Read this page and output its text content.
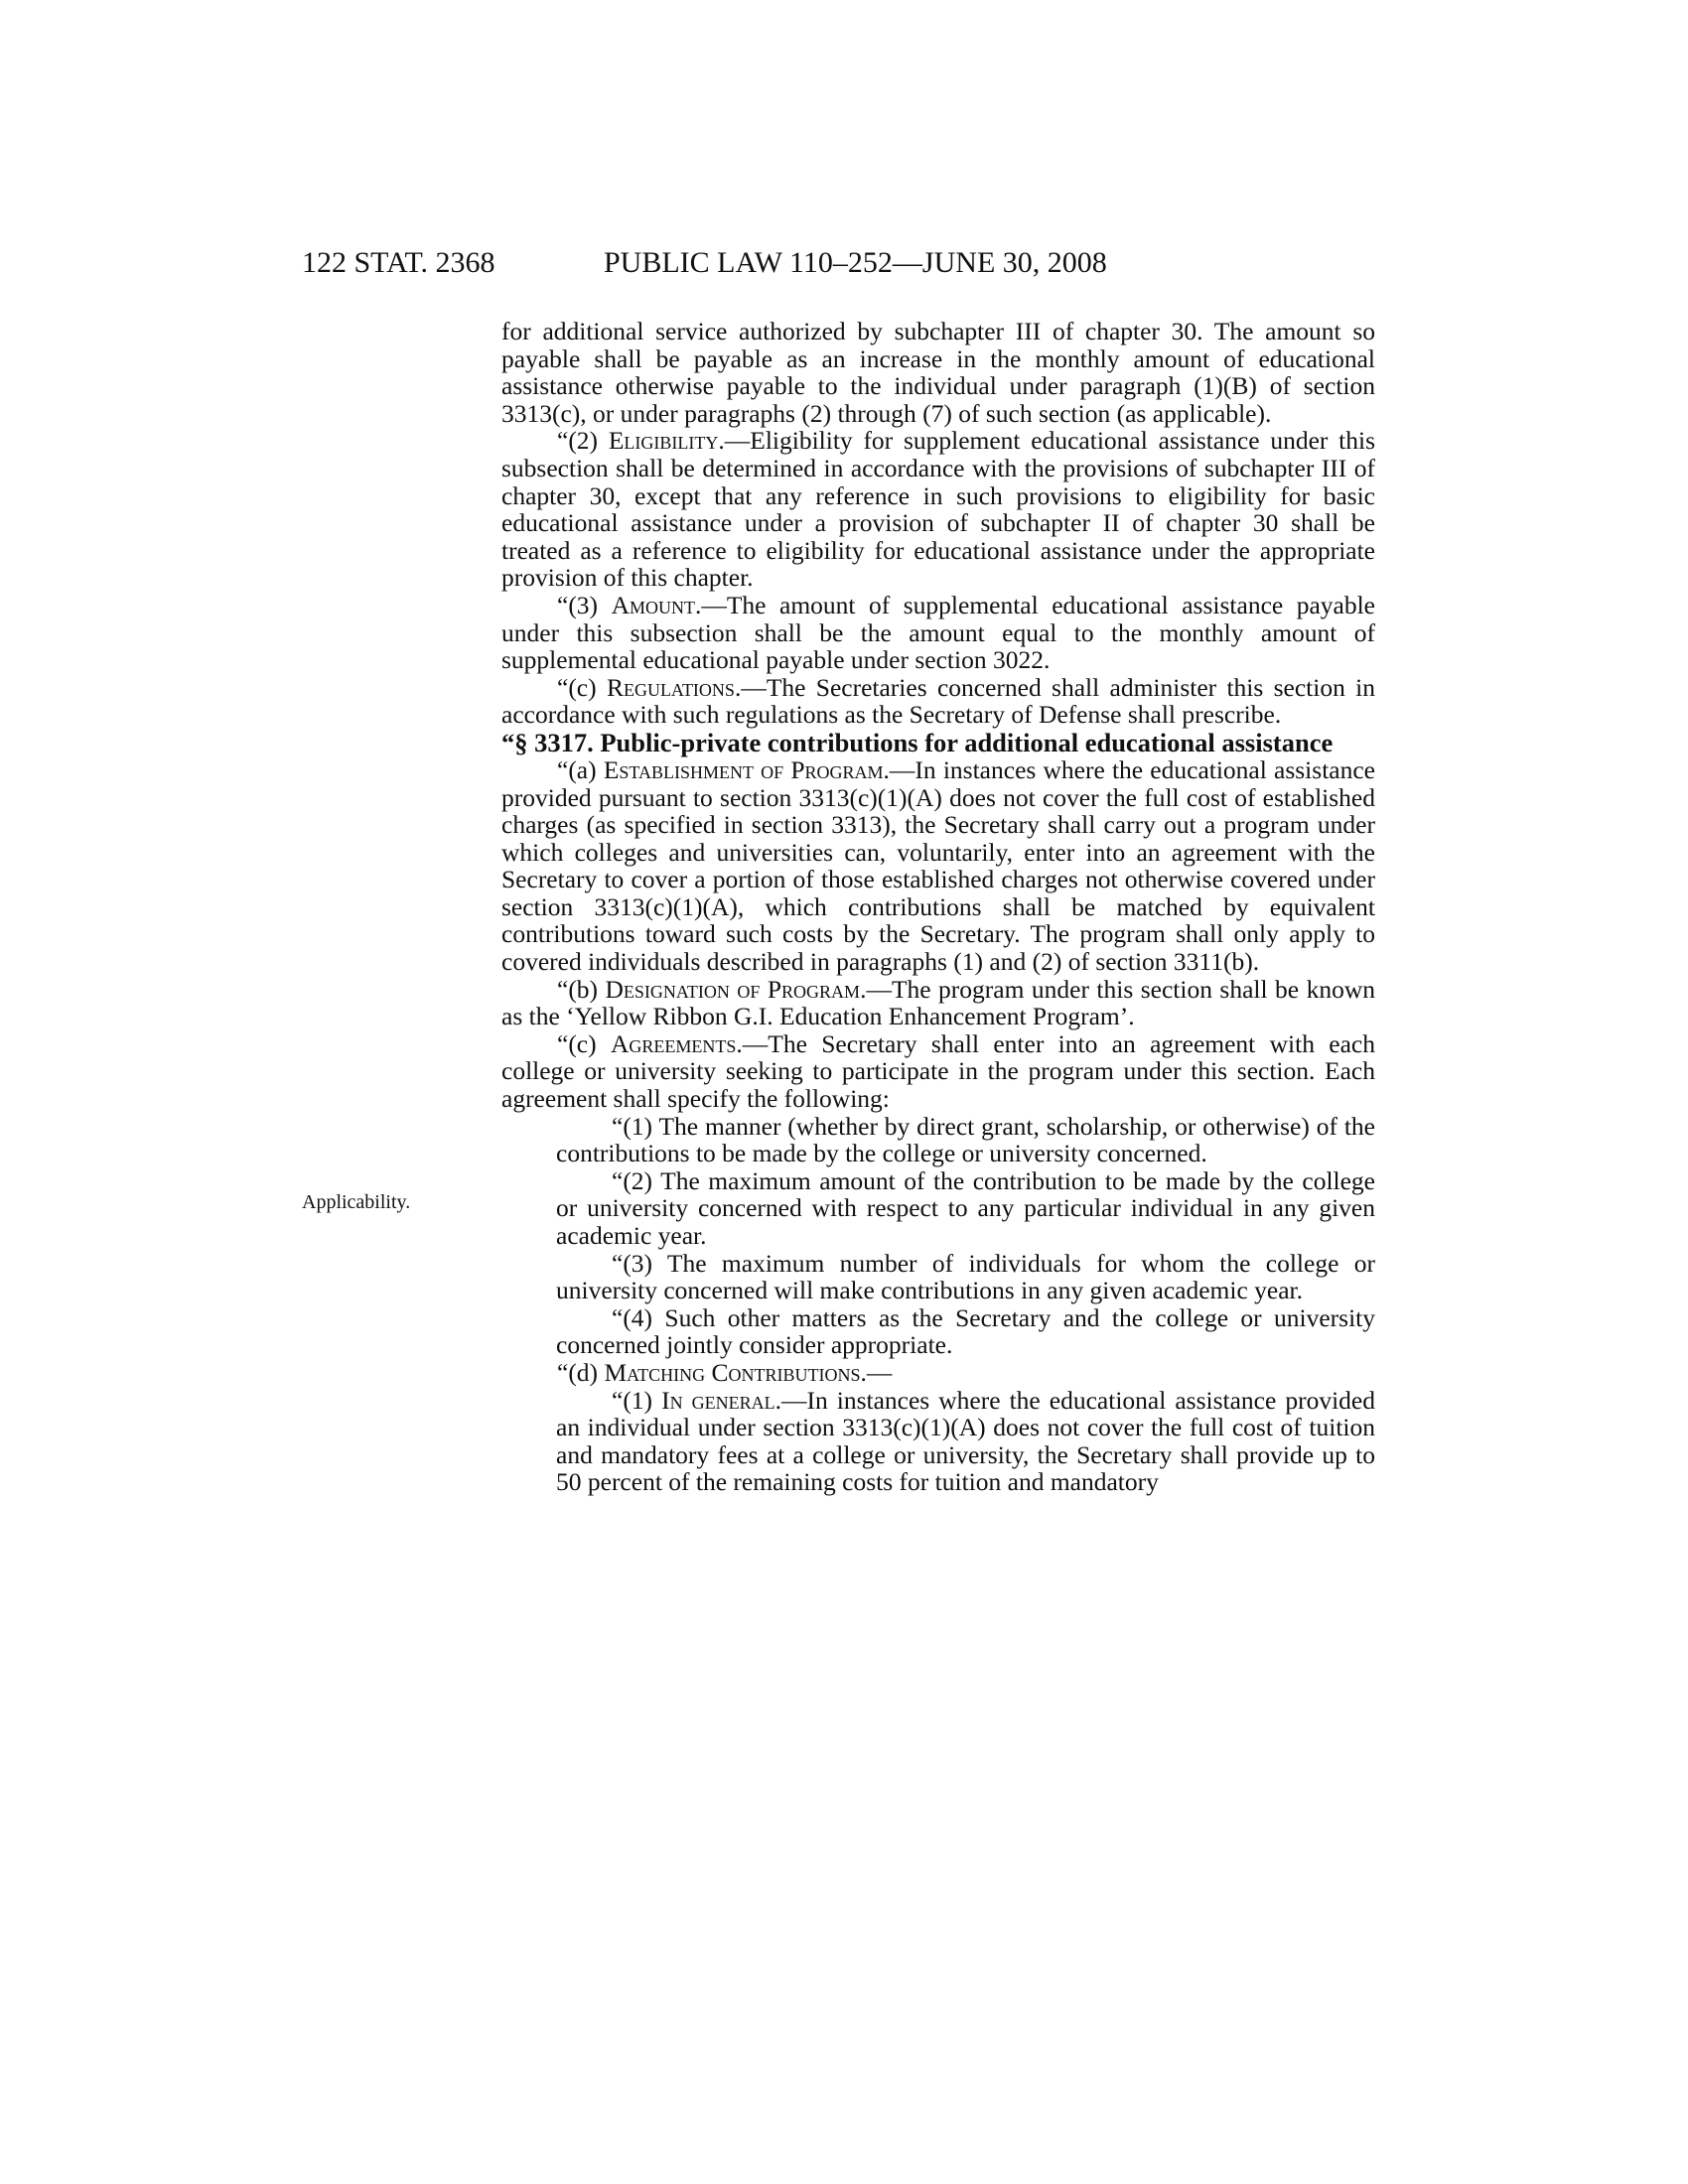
122 STAT. 2368	PUBLIC LAW 110–252—JUNE 30, 2008
Applicability.

for additional service authorized by subchapter III of chapter 30. The amount so payable shall be payable as an increase in the monthly amount of educational assistance otherwise payable to the individual under paragraph (1)(B) of section 3313(c), or under paragraphs (2) through (7) of such section (as applicable).

“(2) Eligibility.—Eligibility for supplement educational assistance under this subsection shall be determined in accordance with the provisions of subchapter III of chapter 30, except that any reference in such provisions to eligibility for basic educational assistance under a provision of subchapter II of chapter 30 shall be treated as a reference to eligibility for educational assistance under the appropriate provision of this chapter.

“(3) Amount.—The amount of supplemental educational assistance payable under this subsection shall be the amount equal to the monthly amount of supplemental educational payable under section 3022.

“(c) Regulations.—The Secretaries concerned shall administer this section in accordance with such regulations as the Secretary of Defense shall prescribe.

“§ 3317. Public-private contributions for additional educational assistance

“(a) Establishment of Program.—In instances where the educational assistance provided pursuant to section 3313(c)(1)(A) does not cover the full cost of established charges (as specified in section 3313), the Secretary shall carry out a program under which colleges and universities can, voluntarily, enter into an agreement with the Secretary to cover a portion of those established charges not otherwise covered under section 3313(c)(1)(A), which contributions shall be matched by equivalent contributions toward such costs by the Secretary. The program shall only apply to covered individuals described in paragraphs (1) and (2) of section 3311(b).

“(b) Designation of Program.—The program under this section shall be known as the ‘Yellow Ribbon G.I. Education Enhancement Program’.

“(c) Agreements.—The Secretary shall enter into an agreement with each college or university seeking to participate in the program under this section. Each agreement shall specify the following:

“(1) The manner (whether by direct grant, scholarship, or otherwise) of the contributions to be made by the college or university concerned.

“(2) The maximum amount of the contribution to be made by the college or university concerned with respect to any particular individual in any given academic year.

“(3) The maximum number of individuals for whom the college or university concerned will make contributions in any given academic year.

“(4) Such other matters as the Secretary and the college or university concerned jointly consider appropriate.

“(d) Matching Contributions.—

“(1) In general.—In instances where the educational assistance provided an individual under section 3313(c)(1)(A) does not cover the full cost of tuition and mandatory fees at a college or university, the Secretary shall provide up to 50 percent of the remaining costs for tuition and mandatory
